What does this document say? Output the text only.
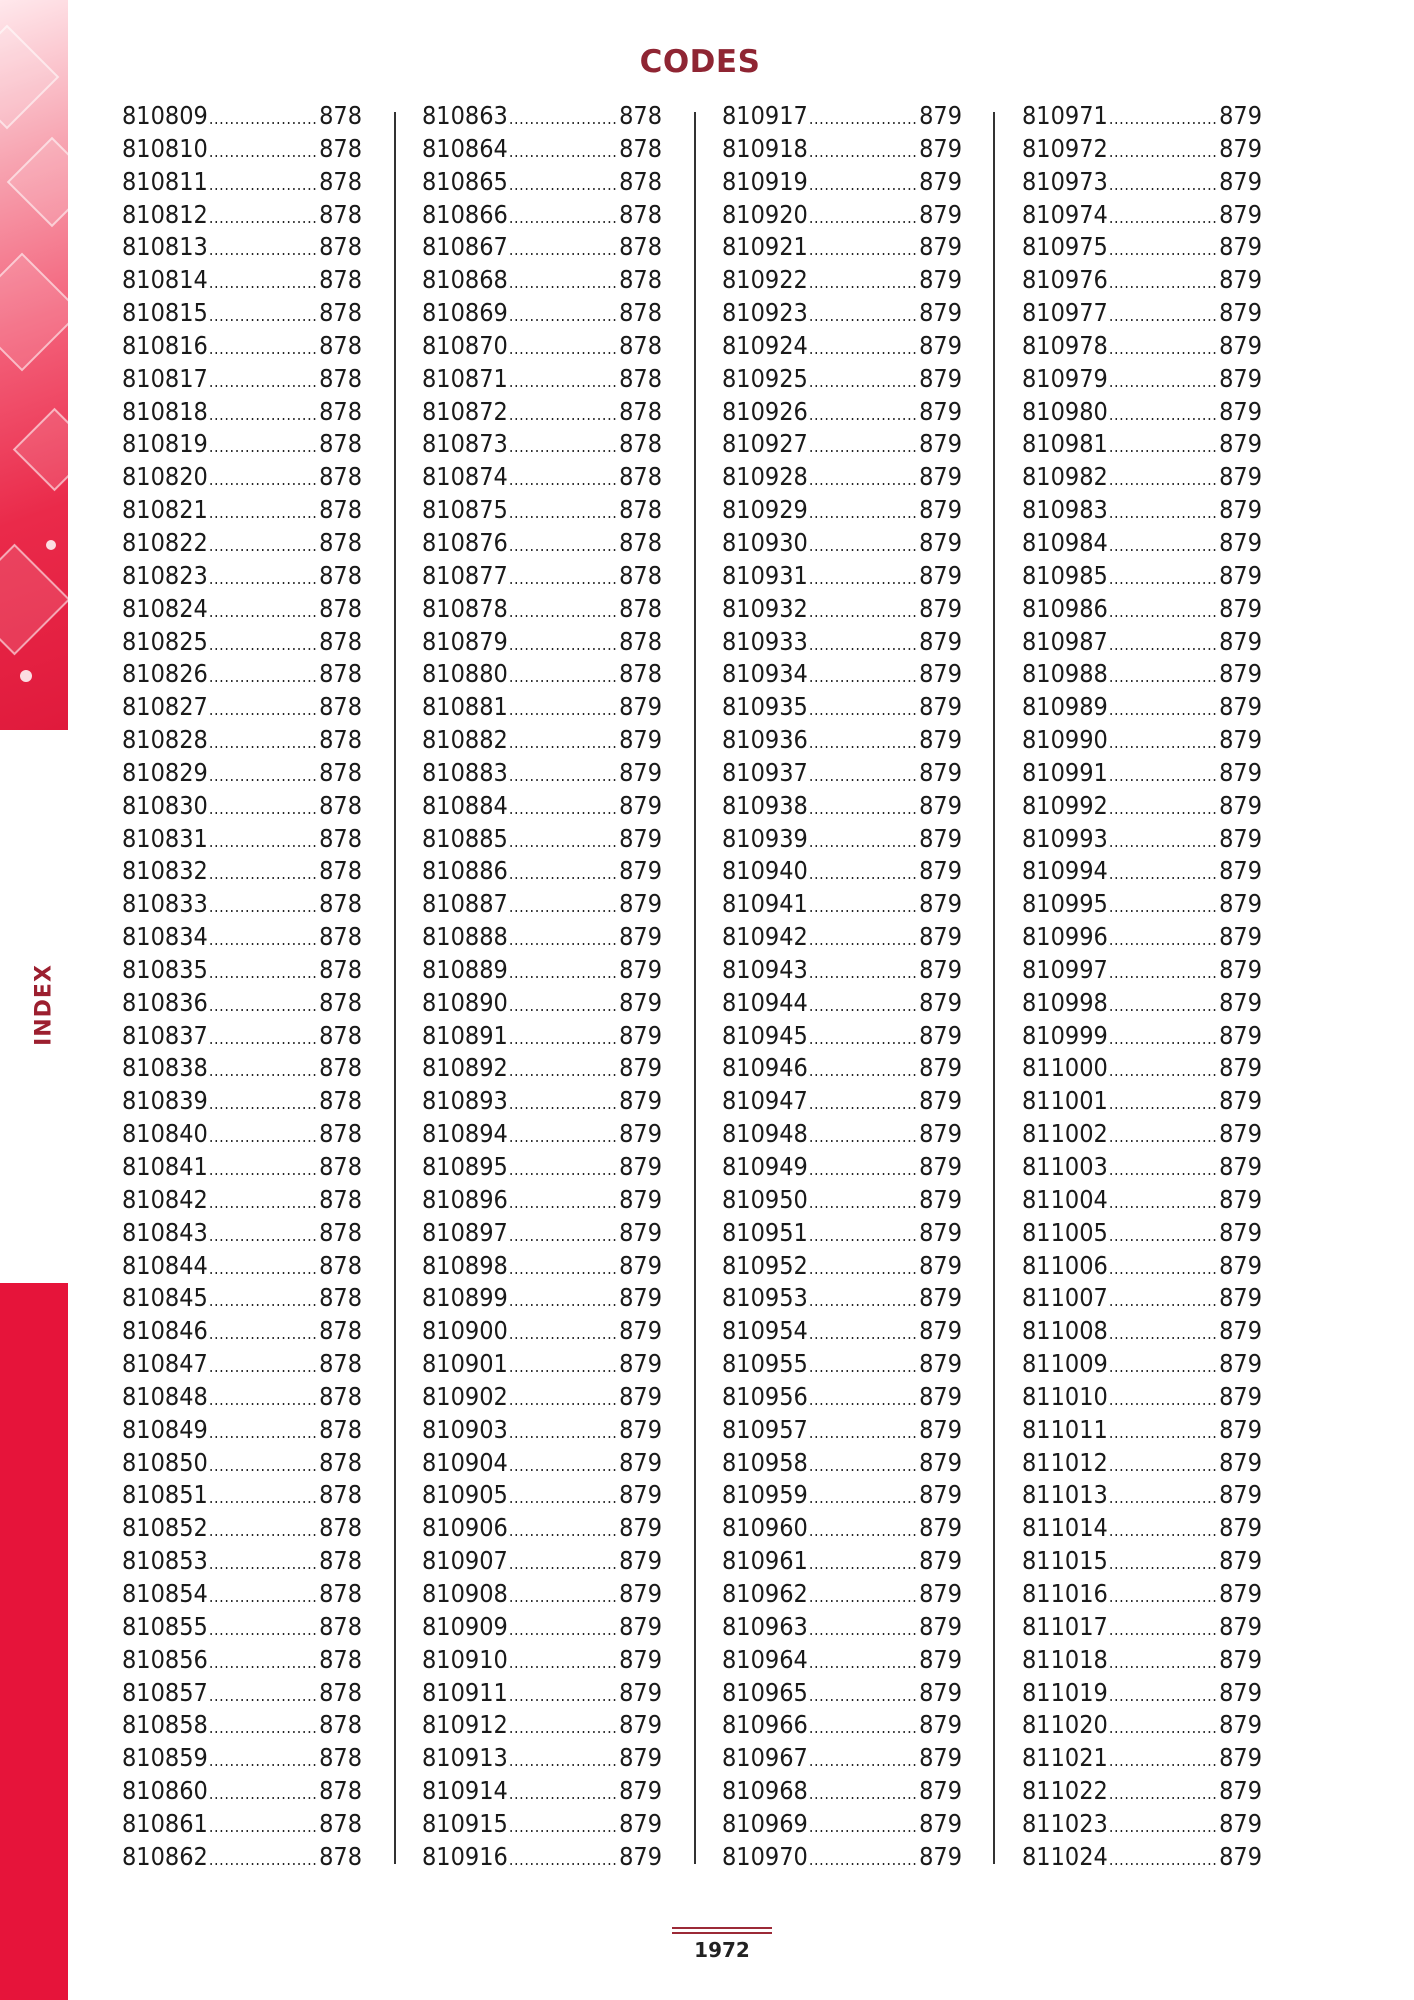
INDEX
CODES
810809 .....	878
810810 .....	878
810811 .....	878
810812 .....	878
810813 .....	878
810814 .....	878
810815 .....	878
810816 .....	878
810817 .....	878
810818 .....	878
810819 .....	878
810820 .....	878
810821 .....	878
810822 .....	878
810823 .....	878
810824 .....	878
810825 .....	878
810826 .....	878
810827 .....	878
810828 .....	878
810829 .....	878
810830 .....	878
810831 .....	878
810832 .....	878
810833 .....	878
810834 .....	878
810835 .....	878
810836 .....	878
810837 .....	878
810838 .....	878
810839 .....	878
810840 .....	878
810841 .....	878
810842 .....	878
810843 .....	878
810844 .....	878
810845 .....	878
810846 .....	878
810847 .....	878
810848 .....	878
810849 .....	878
810850 .....	878
810851 .....	878
810852 .....	878
810853 .....	878
810854 .....	878
810855 .....	878
810856 .....	878
810857 .....	878
810858 .....	878
810859 .....	878
810860 .....	878
810861 .....	878
810862 .....	878
810863 .....	878
810864 .....	878
810865 .....	878
810866 .....	878
810867 .....	878
810868 .....	878
810869 .....	878
810870 .....	878
810871 .....	878
810872 .....	878
810873 .....	878
810874 .....	878
810875 .....	878
810876 .....	878
810877 .....	878
810878 .....	878
810879 .....	878
810880 .....	878
810881 .....	879
810882 .....	879
810883 .....	879
810884 .....	879
810885 .....	879
810886 .....	879
810887 .....	879
810888 .....	879
810889 .....	879
810890 .....	879
810891 .....	879
810892 .....	879
810893 .....	879
810894 .....	879
810895 .....	879
810896 .....	879
810897 .....	879
810898 .....	879
810899 .....	879
810900 .....	879
810901 .....	879
810902 .....	879
810903 .....	879
810904 .....	879
810905 .....	879
810906 .....	879
810907 .....	879
810908 .....	879
810909 .....	879
810910 .....	879
810911 .....	879
810912 .....	879
810913 .....	879
810914 .....	879
810915 .....	879
810916 .....	879
810917 .....	879
810918 .....	879
810919 .....	879
810920 .....	879
810921 .....	879
810922 .....	879
810923 .....	879
810924 .....	879
810925 .....	879
810926 .....	879
810927 .....	879
810928 .....	879
810929 .....	879
810930 .....	879
810931 .....	879
810932 .....	879
810933 .....	879
810934 .....	879
810935 .....	879
810936 .....	879
810937 .....	879
810938 .....	879
810939 .....	879
810940 .....	879
810941 .....	879
810942 .....	879
810943 .....	879
810944 .....	879
810945 .....	879
810946 .....	879
810947 .....	879
810948 .....	879
810949 .....	879
810950 .....	879
810951 .....	879
810952 .....	879
810953 .....	879
810954 .....	879
810955 .....	879
810956 .....	879
810957 .....	879
810958 .....	879
810959 .....	879
810960 .....	879
810961 .....	879
810962 .....	879
810963 .....	879
810964 .....	879
810965 .....	879
810966 .....	879
810967 .....	879
810968 .....	879
810969 .....	879
810970 .....	879
810971 .....	879
810972 .....	879
810973 .....	879
810974 .....	879
810975 .....	879
810976 .....	879
810977 .....	879
810978 .....	879
810979 .....	879
810980 .....	879
810981 .....	879
810982 .....	879
810983 .....	879
810984 .....	879
810985 .....	879
810986 .....	879
810987 .....	879
810988 .....	879
810989 .....	879
810990 .....	879
810991 .....	879
810992 .....	879
810993 .....	879
810994 .....	879
810995 .....	879
810996 .....	879
810997 .....	879
810998 .....	879
810999 .....	879
811000 .....	879
811001 .....	879
811002 .....	879
811003 .....	879
811004 .....	879
811005 .....	879
811006 .....	879
811007 .....	879
811008 .....	879
811009 .....	879
811010 .....	879
811011 .....	879
811012 .....	879
811013 .....	879
811014 .....	879
811015 .....	879
811016 .....	879
811017 .....	879
811018 .....	879
811019 .....	879
811020 .....	879
811021 .....	879
811022 .....	879
811023 .....	879
811024 .....	879
1972
